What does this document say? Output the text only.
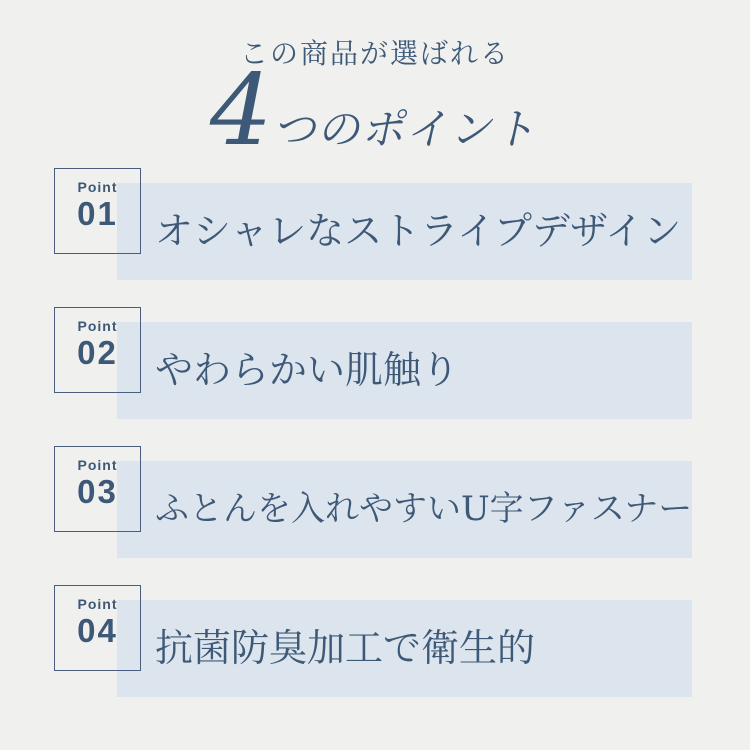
この商品が選ばれる
4
つのポイント
Point
01 オシャレなストライプデザイン
Point
02 やわらかい肌触り
Point
03	ふとんを入れやすいU字ファスナー
Point
04 抗菌防臭加工で衛生的
